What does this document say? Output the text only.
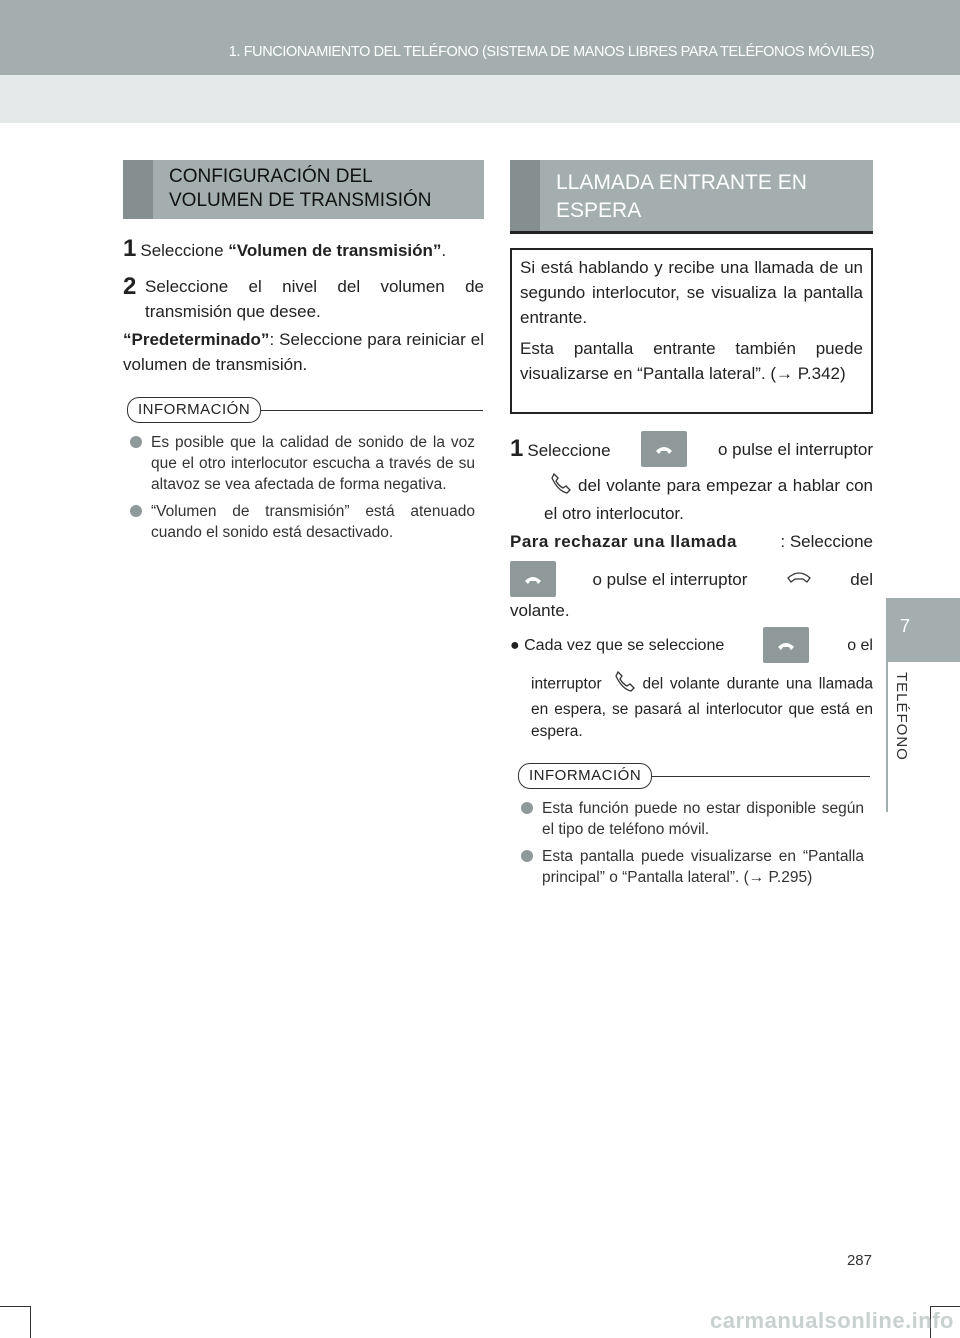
1. FUNCIONAMIENTO DEL TELÉFONO (SISTEMA DE MANOS LIBRES PARA TELÉFONOS MÓVILES)
7
TELÉFONO
CONFIGURACIÓN DEL
VOLUMEN DE TRANSMISIÓN
1 Seleccione “Volumen de transmisión”.
2 Seleccione el nivel del volumen de transmisión que desee.
“Predeterminado”: Seleccione para reiniciar el volumen de transmisión.
INFORMACIÓN
Es posible que la calidad de sonido de la voz que el otro interlocutor escucha a través de su altavoz se vea afectada de forma negativa.
“Volumen de transmisión” está atenuado cuando el sonido está desactivado.
LLAMADA ENTRANTE EN
ESPERA

Si está hablando y recibe una llamada de un segundo interlocutor, se visualiza la pantalla entrante.

Esta pantalla entrante también puede visualizarse en “Pantalla lateral”. (→ P.342)

1 Seleccione	o pulse el interruptor
del volante para empezar a hablar con el otro interlocutor.
Para rechazar una llamada	: Seleccione
o pulse el interruptor	del
volante.
● Cada vez que se seleccione	o el
interruptor	del volante durante una llamada en espera, se pasará al interlocutor que está en espera.
INFORMACIÓN
Esta función puede no estar disponible según el tipo de teléfono móvil.
Esta pantalla puede visualizarse en “Pantalla principal” o “Pantalla lateral”. (→ P.295)
287
carmanualsonline.info
